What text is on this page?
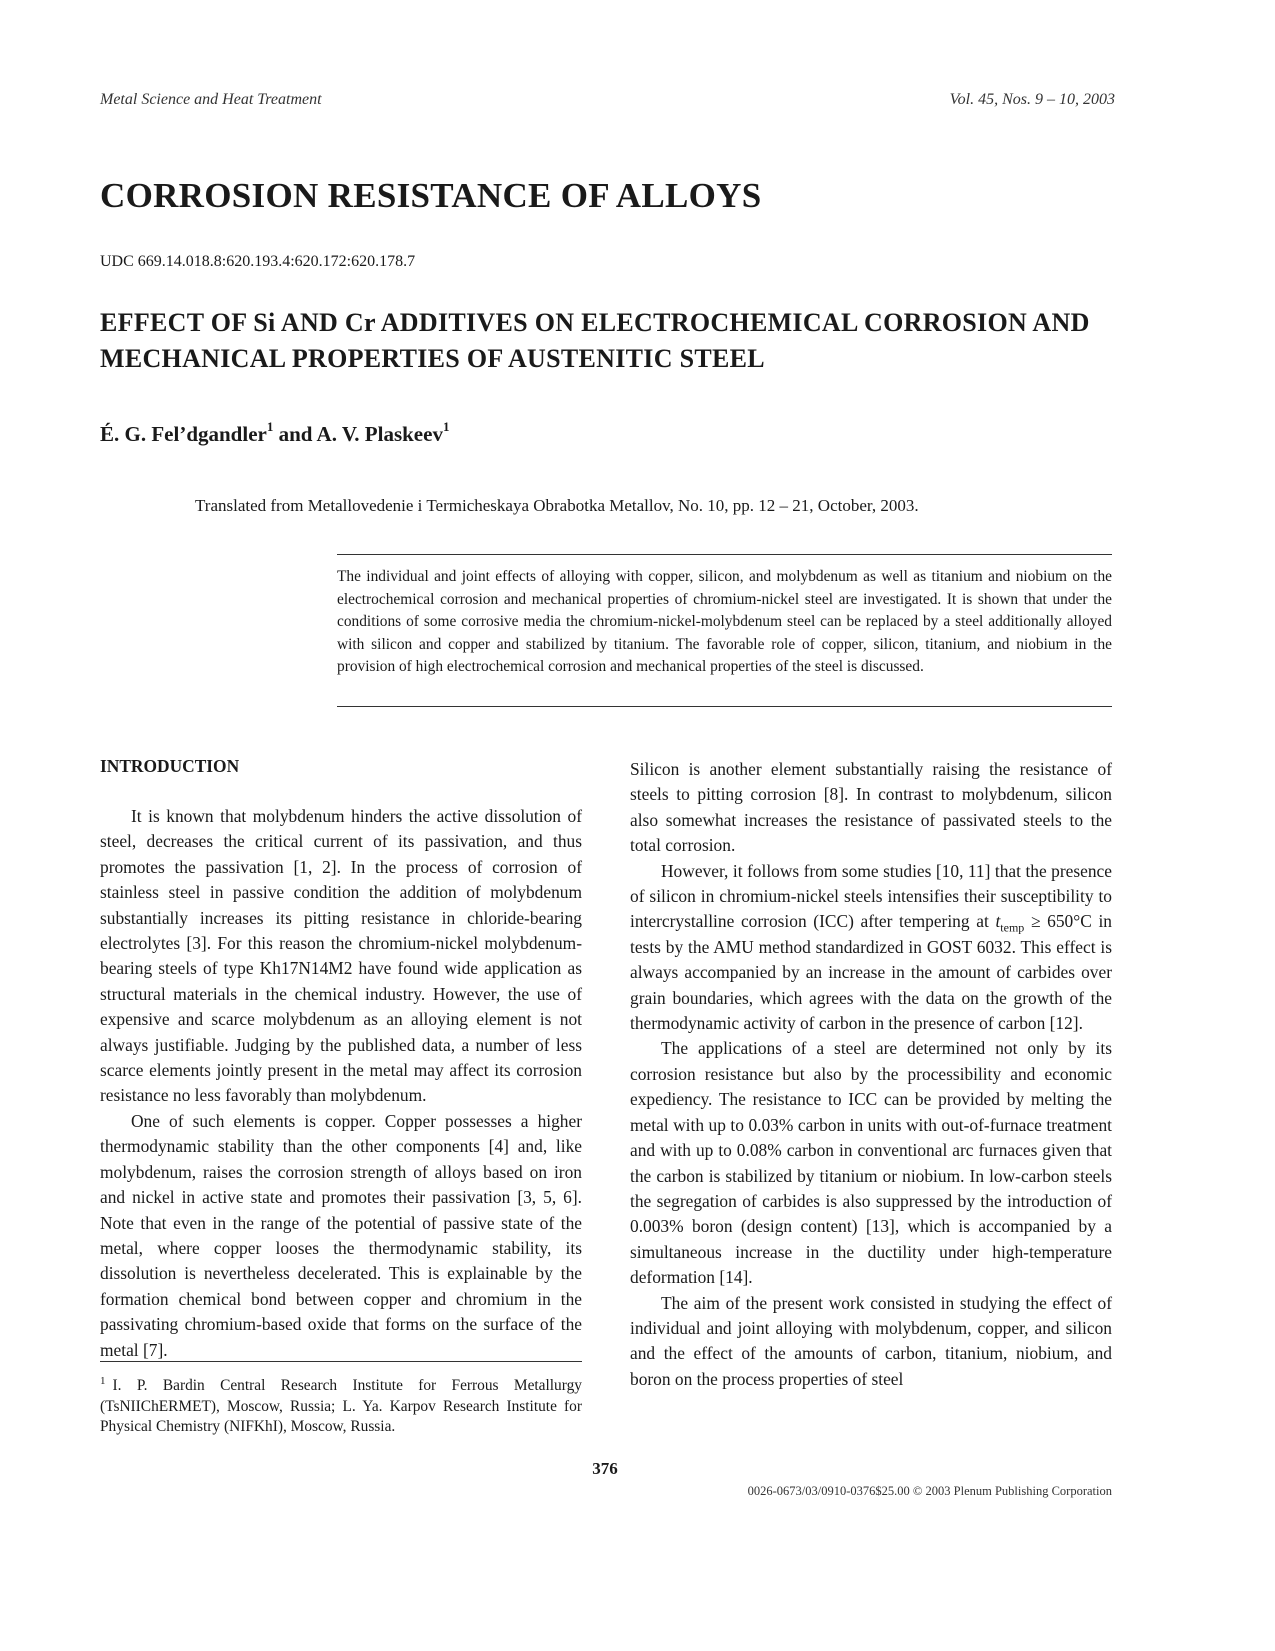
Metal Science and Heat Treatment	Vol. 45, Nos. 9 – 10, 2003
CORROSION RESISTANCE OF ALLOYS
UDC 669.14.018.8:620.193.4:620.172:620.178.7
EFFECT OF Si AND Cr ADDITIVES ON ELECTROCHEMICAL CORROSION AND MECHANICAL PROPERTIES OF AUSTENITIC STEEL
É. G. Fel’dgandler$^1$ and A. V. Plaskeev$^1$
Translated from Metallovedenie i Termicheskaya Obrabotka Metallov, No. 10, pp. 12 – 21, October, 2003.
The individual and joint effects of alloying with copper, silicon, and molybdenum as well as titanium and niobium on the electrochemical corrosion and mechanical properties of chromium-nickel steel are investigated. It is shown that under the conditions of some corrosive media the chromium-nickel-molybdenum steel can be replaced by a steel additionally alloyed with silicon and copper and stabilized by titanium. The favorable role of copper, silicon, titanium, and niobium in the provision of high electrochemical corrosion and mechanical properties of the steel is discussed.
INTRODUCTION

It is known that molybdenum hinders the active dissolution of steel, decreases the critical current of its passivation, and thus promotes the passivation [1, 2]. In the process of corrosion of stainless steel in passive condition the addition of molybdenum substantially increases its pitting resistance in chloride-bearing electrolytes [3]. For this reason the chromium-nickel molybdenum-bearing steels of type Kh17N14M2 have found wide application as structural materials in the chemical industry. However, the use of expensive and scarce molybdenum as an alloying element is not always justifiable. Judging by the published data, a number of less scarce elements jointly present in the metal may affect its corrosion resistance no less favorably than molybdenum.

One of such elements is copper. Copper possesses a higher thermodynamic stability than the other components [4] and, like molybdenum, raises the corrosion strength of alloys based on iron and nickel in active state and promotes their passivation [3, 5, 6]. Note that even in the range of the potential of passive state of the metal, where copper looses the thermodynamic stability, its dissolution is nevertheless decelerated. This is explainable by the formation chemical bond between copper and chromium in the passivating chromium-based oxide that forms on the surface of the metal [7].

$^1$ I. P. Bardin Central Research Institute for Ferrous Metallurgy (TsNIIChERMET), Moscow, Russia; L. Ya. Karpov Research Institute for Physical Chemistry (NIFKhI), Moscow, Russia.

Silicon is another element substantially raising the resistance of steels to pitting corrosion [8]. In contrast to molybdenum, silicon also somewhat increases the resistance of passivated steels to the total corrosion.

However, it follows from some studies [10, 11] that the presence of silicon in chromium-nickel steels intensifies their susceptibility to intercrystalline corrosion (ICC) after tempering at $t_{temp} \ge 650^\circ C$ in tests by the AMU method standardized in GOST 6032. This effect is always accompanied by an increase in the amount of carbides over grain boundaries, which agrees with the data on the growth of the thermodynamic activity of carbon in the presence of carbon [12].

The applications of a steel are determined not only by its corrosion resistance but also by the processibility and economic expediency. The resistance to ICC can be provided by melting the metal with up to 0.03% carbon in units with out-of-furnace treatment and with up to 0.08% carbon in conventional arc furnaces given that the carbon is stabilized by titanium or niobium. In low-carbon steels the segregation of carbides is also suppressed by the introduction of 0.003% boron (design content) [13], which is accompanied by a simultaneous increase in the ductility under high-temperature deformation [14].

The aim of the present work consisted in studying the effect of individual and joint alloying with molybdenum, copper, and silicon and the effect of the amounts of carbon, titanium, niobium, and boron on the process properties of steel

376
0026-0673/03/0910-0376$25.00 © 2003 Plenum Publishing Corporation
